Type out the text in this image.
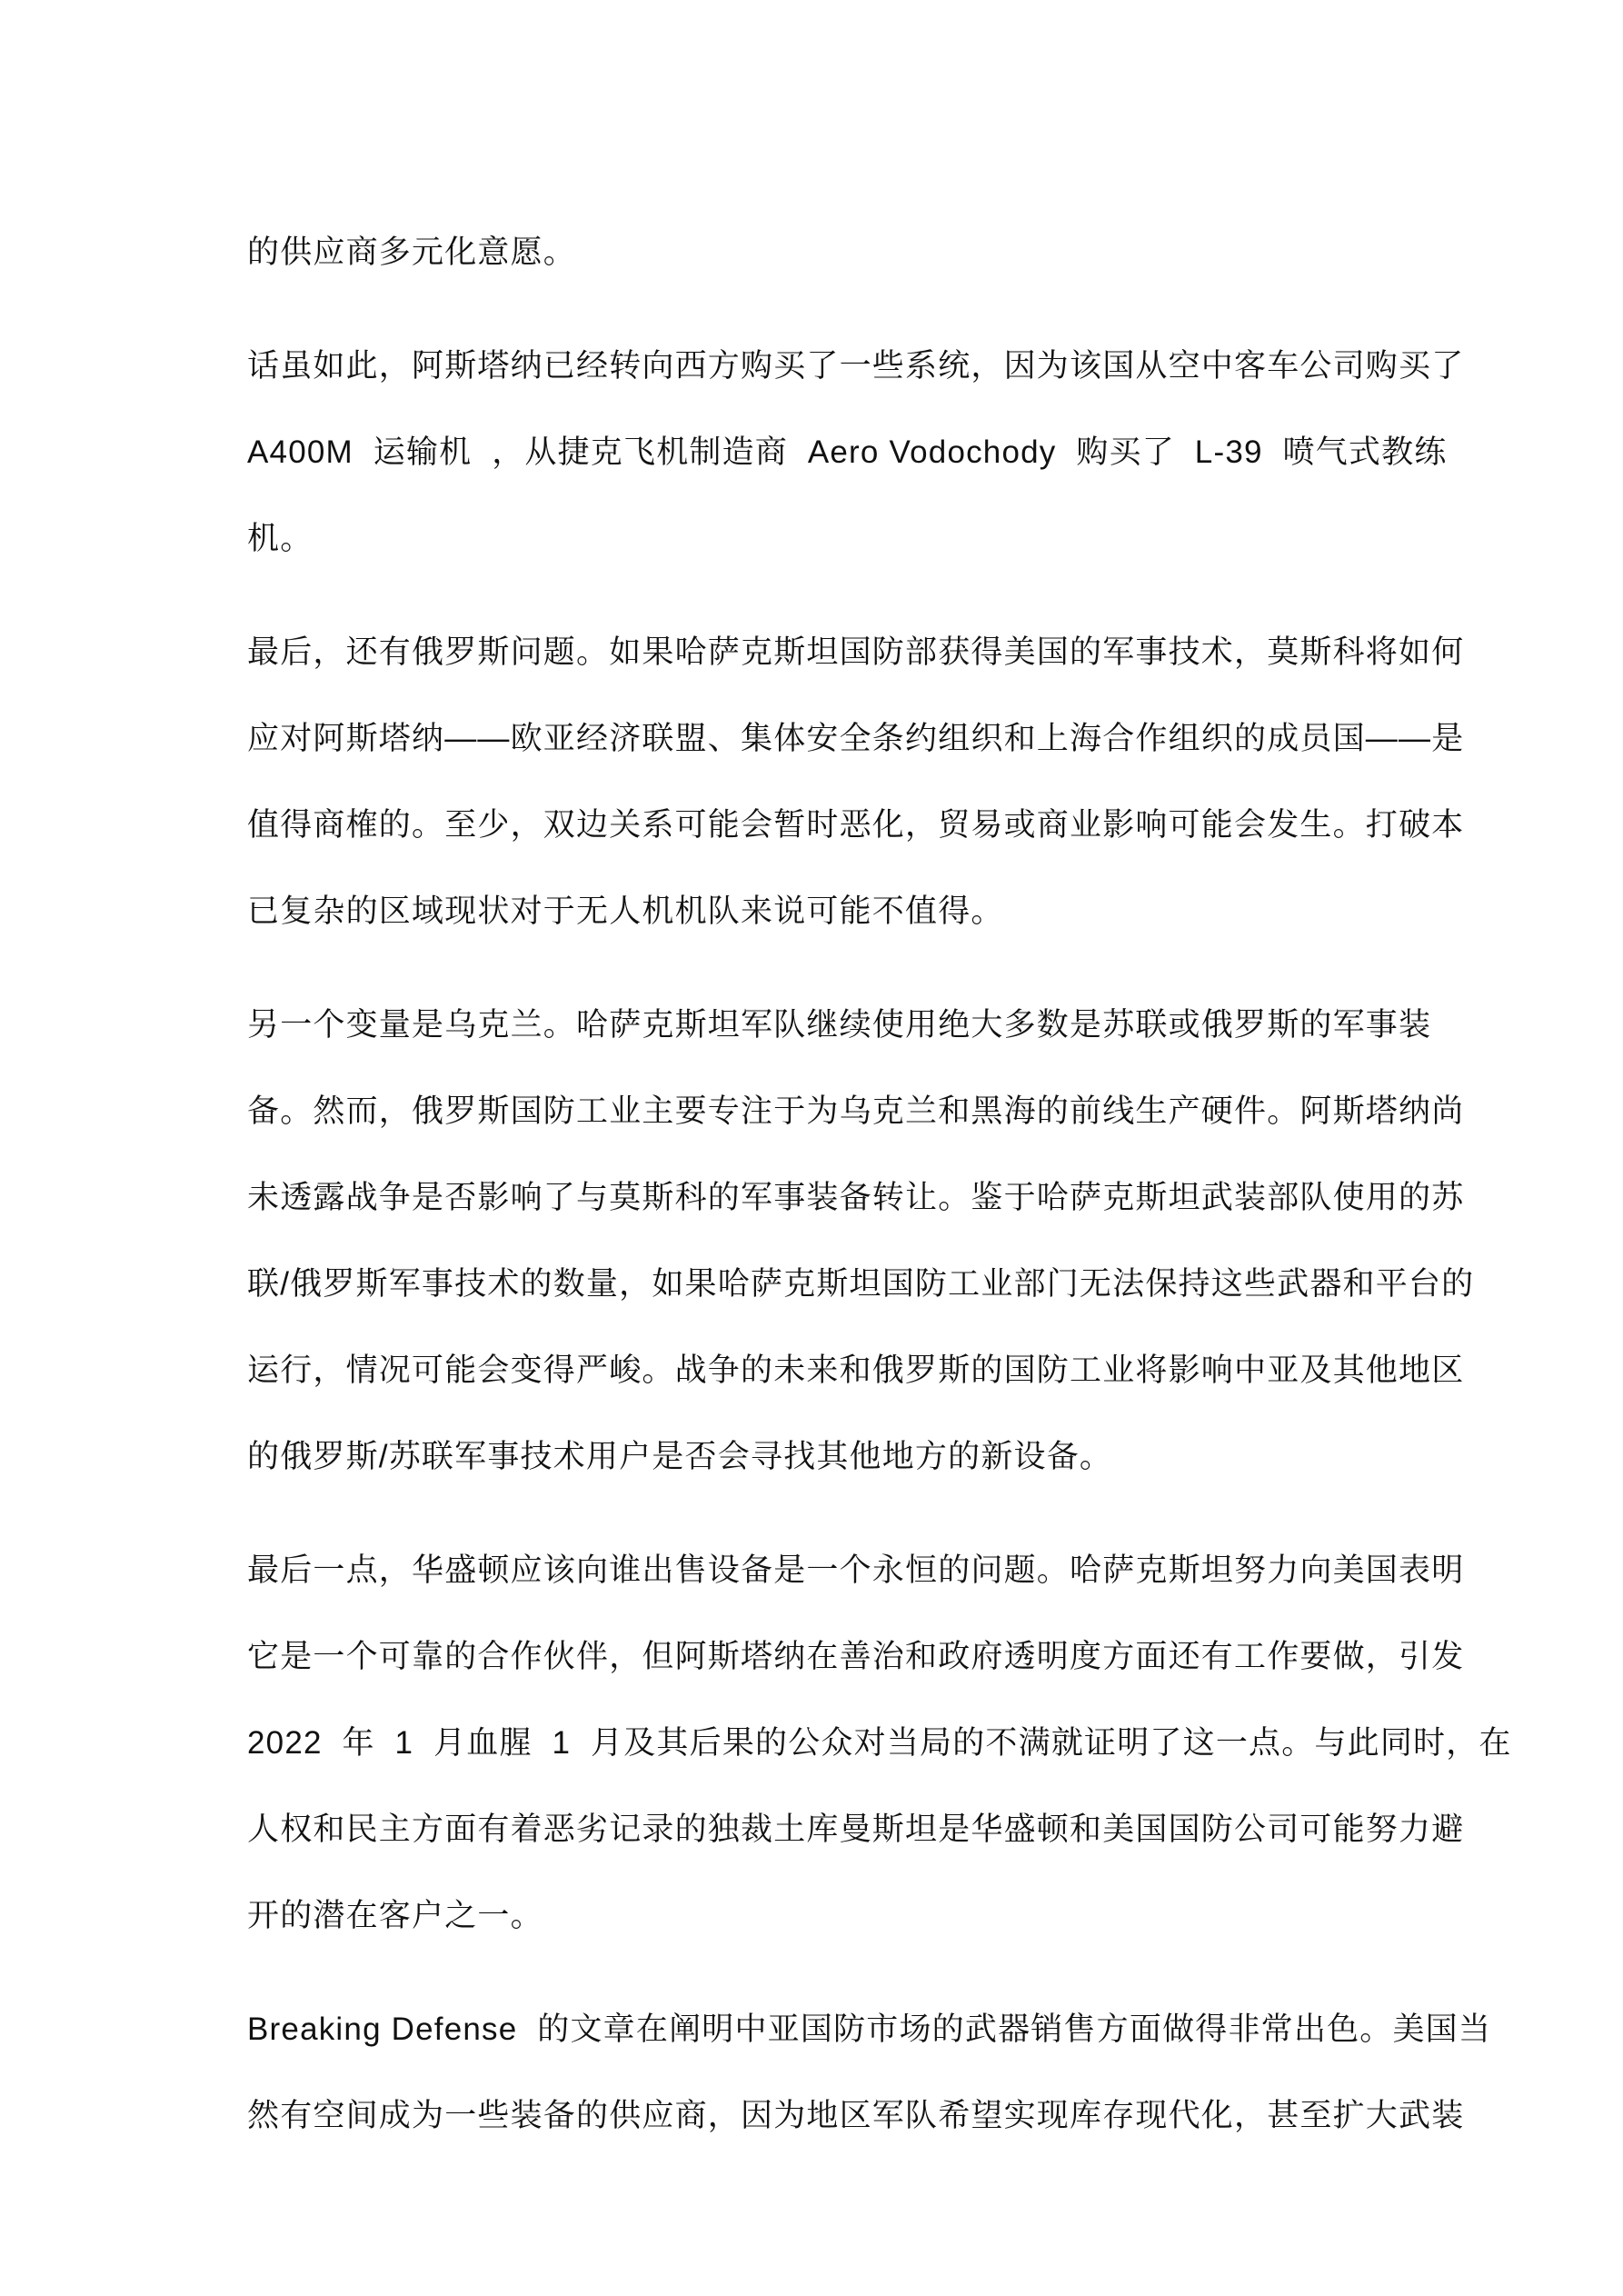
的供应商多元化意愿。
话虽如此，阿斯塔纳已经转向西方购买了一些系统，因为该国从空中客车公司购买了
A400M  运输机  ，从捷克飞机制造商  Aero Vodochody  购买了  L-39  喷气式教练
机。
最后，还有俄罗斯问题。如果哈萨克斯坦国防部获得美国的军事技术，莫斯科将如何
应对阿斯塔纳——欧亚经济联盟、集体安全条约组织和上海合作组织的成员国——是
值得商榷的。至少，双边关系可能会暂时恶化，贸易或商业影响可能会发生。打破本
已复杂的区域现状对于无人机机队来说可能不值得。
另一个变量是乌克兰。哈萨克斯坦军队继续使用绝大多数是苏联或俄罗斯的军事装
备。然而，俄罗斯国防工业主要专注于为乌克兰和黑海的前线生产硬件。阿斯塔纳尚
未透露战争是否影响了与莫斯科的军事装备转让。鉴于哈萨克斯坦武装部队使用的苏
联/俄罗斯军事技术的数量，如果哈萨克斯坦国防工业部门无法保持这些武器和平台的
运行，情况可能会变得严峻。战争的未来和俄罗斯的国防工业将影响中亚及其他地区
的俄罗斯/苏联军事技术用户是否会寻找其他地方的新设备。
最后一点，华盛顿应该向谁出售设备是一个永恒的问题。哈萨克斯坦努力向美国表明
它是一个可靠的合作伙伴，但阿斯塔纳在善治和政府透明度方面还有工作要做，引发
2022  年  1  月血腥  1  月及其后果的公众对当局的不满就证明了这一点。与此同时，在
人权和民主方面有着恶劣记录的独裁土库曼斯坦是华盛顿和美国国防公司可能努力避
开的潜在客户之一。
Breaking Defense  的文章在阐明中亚国防市场的武器销售方面做得非常出色。美国当
然有空间成为一些装备的供应商，因为地区军队希望实现库存现代化，甚至扩大武装
